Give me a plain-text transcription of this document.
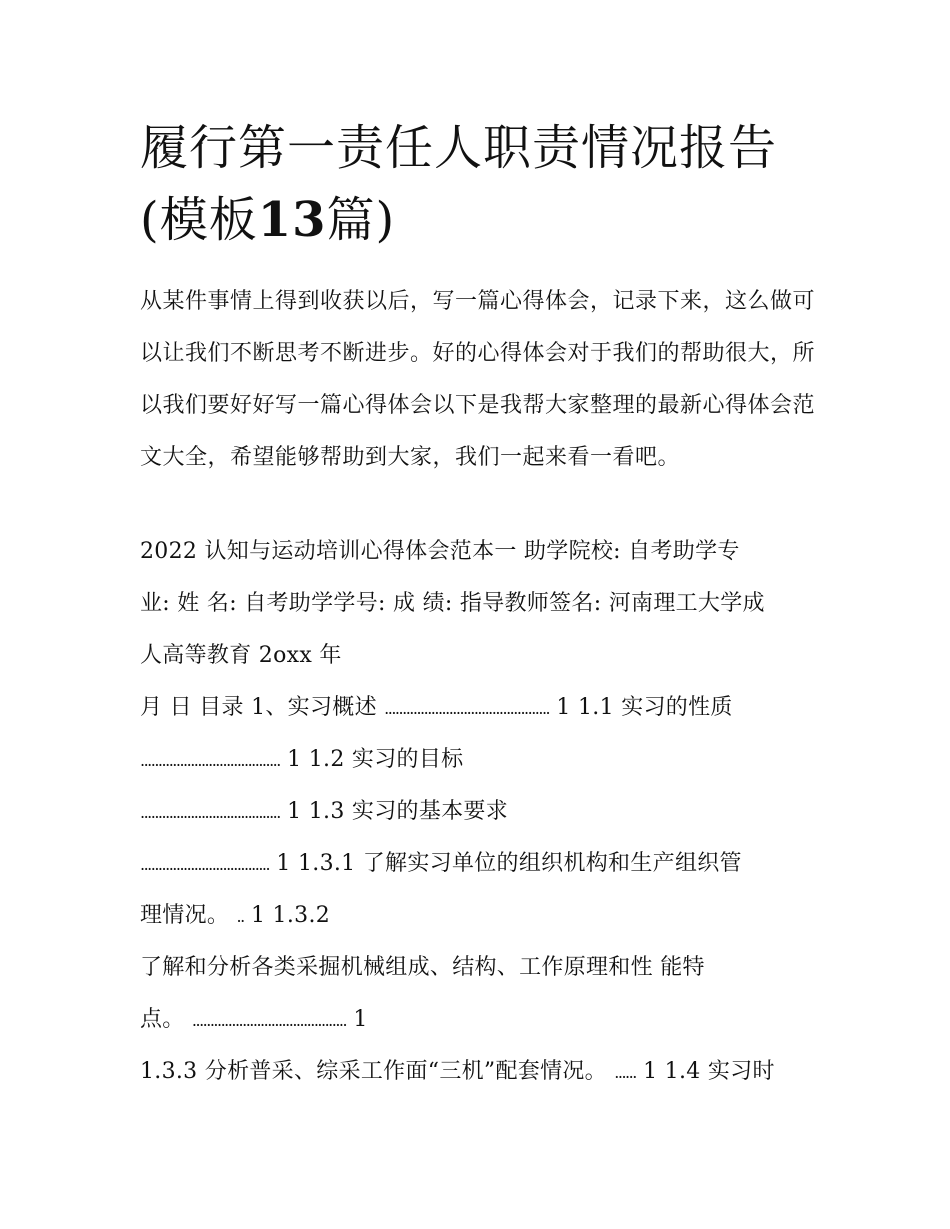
履行第一责任人职责情况报告
(模板13篇)

从某件事情上得到收获以后，写一篇心得体会，记录下来，这么做可以让我们不断思考不断进步。好的心得体会对于我们的帮助很大，所以我们要好好写一篇心得体会以下是我帮大家整理的最新心得体会范文大全，希望能够帮助到大家，我们一起来看一看吧。

2022 认知与运动培训心得体会范本一 助学院校: 自考助学专

业: 姓 名: 自考助学学号: 成 绩: 指导教师签名: 河南理工大学成

人高等教育 2oxx 年

月 日 目录 1、实习概述 .............................................. 1 1.1 实习的性质

....................................... 1 1.2 实习的目标

....................................... 1 1.3 实习的基本要求

.................................... 1 1.3.1 了解实习单位的组织机构和生产组织管

理情况。 .. 1 1.3.2

了解和分析各类采掘机械组成、结构、工作原理和性 能特

点。 ........................................... 1

1.3.3 分析普采、综采工作面“三机”配套情况。 ...... 1 1.4 实习时
